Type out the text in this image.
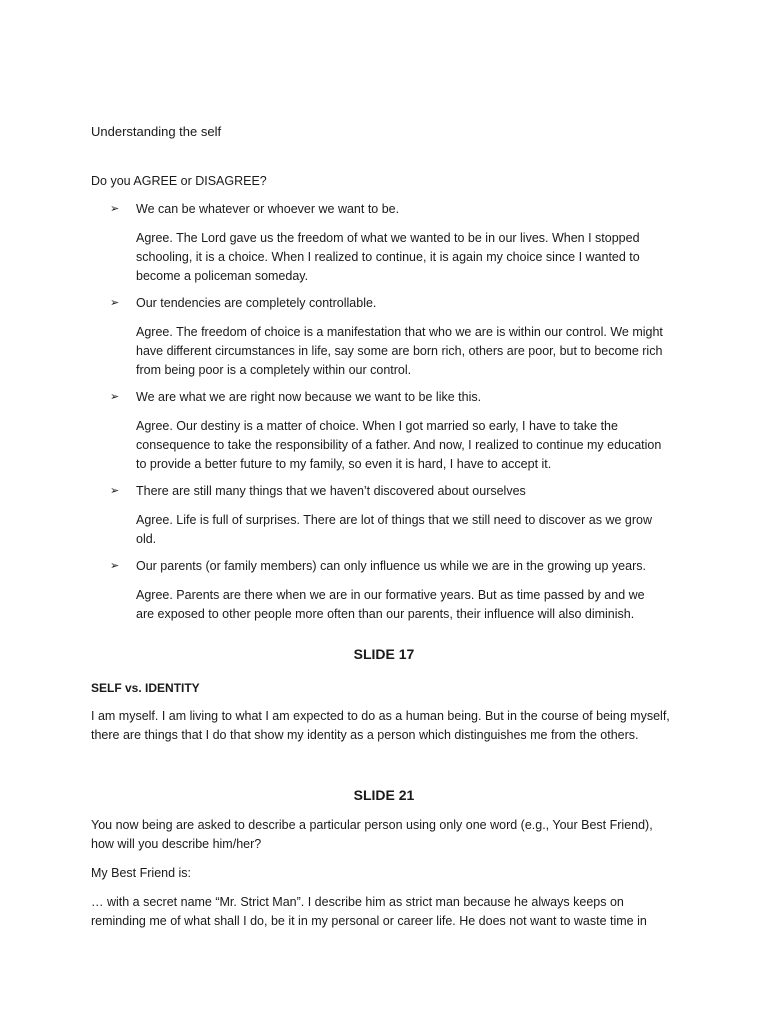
Understanding the self
Do you AGREE or DISAGREE?
➢	We can be whatever or whoever we want to be.
Agree. The Lord gave us the freedom of what we wanted to be in our lives. When I stopped schooling, it is a choice. When I realized to continue, it is again my choice since I wanted to become a policeman someday.
➢	Our tendencies are completely controllable.
Agree. The freedom of choice is a manifestation that who we are is within our control. We might have different circumstances in life, say some are born rich, others are poor, but to become rich from being poor is a completely within our control.
➢	We are what we are right now because we want to be like this.
Agree. Our destiny is a matter of choice. When I got married so early, I have to take the consequence to take the responsibility of a father. And now, I realized to continue my education to provide a better future to my family, so even it is hard, I have to accept it.
➢	There are still many things that we haven’t discovered about ourselves
Agree. Life is full of surprises. There are lot of things that we still need to discover as we grow old.
➢	Our parents (or family members) can only influence us while we are in the growing up years.
Agree. Parents are there when we are in our formative years. But as time passed by and we are exposed to other people more often than our parents, their influence will also diminish.
SLIDE 17
SELF vs. IDENTITY
I am myself. I am living to what I am expected to do as a human being. But in the course of being myself, there are things that I do that show my identity as a person which distinguishes me from the others.
SLIDE 21
You now being are asked to describe a particular person using only one word (e.g., Your Best Friend), how will you describe him/her?
My Best Friend is:
… with a secret name “Mr. Strict Man”. I describe him as strict man because he always keeps on reminding me of what shall I do, be it in my personal or career life. He does not want to waste time in
